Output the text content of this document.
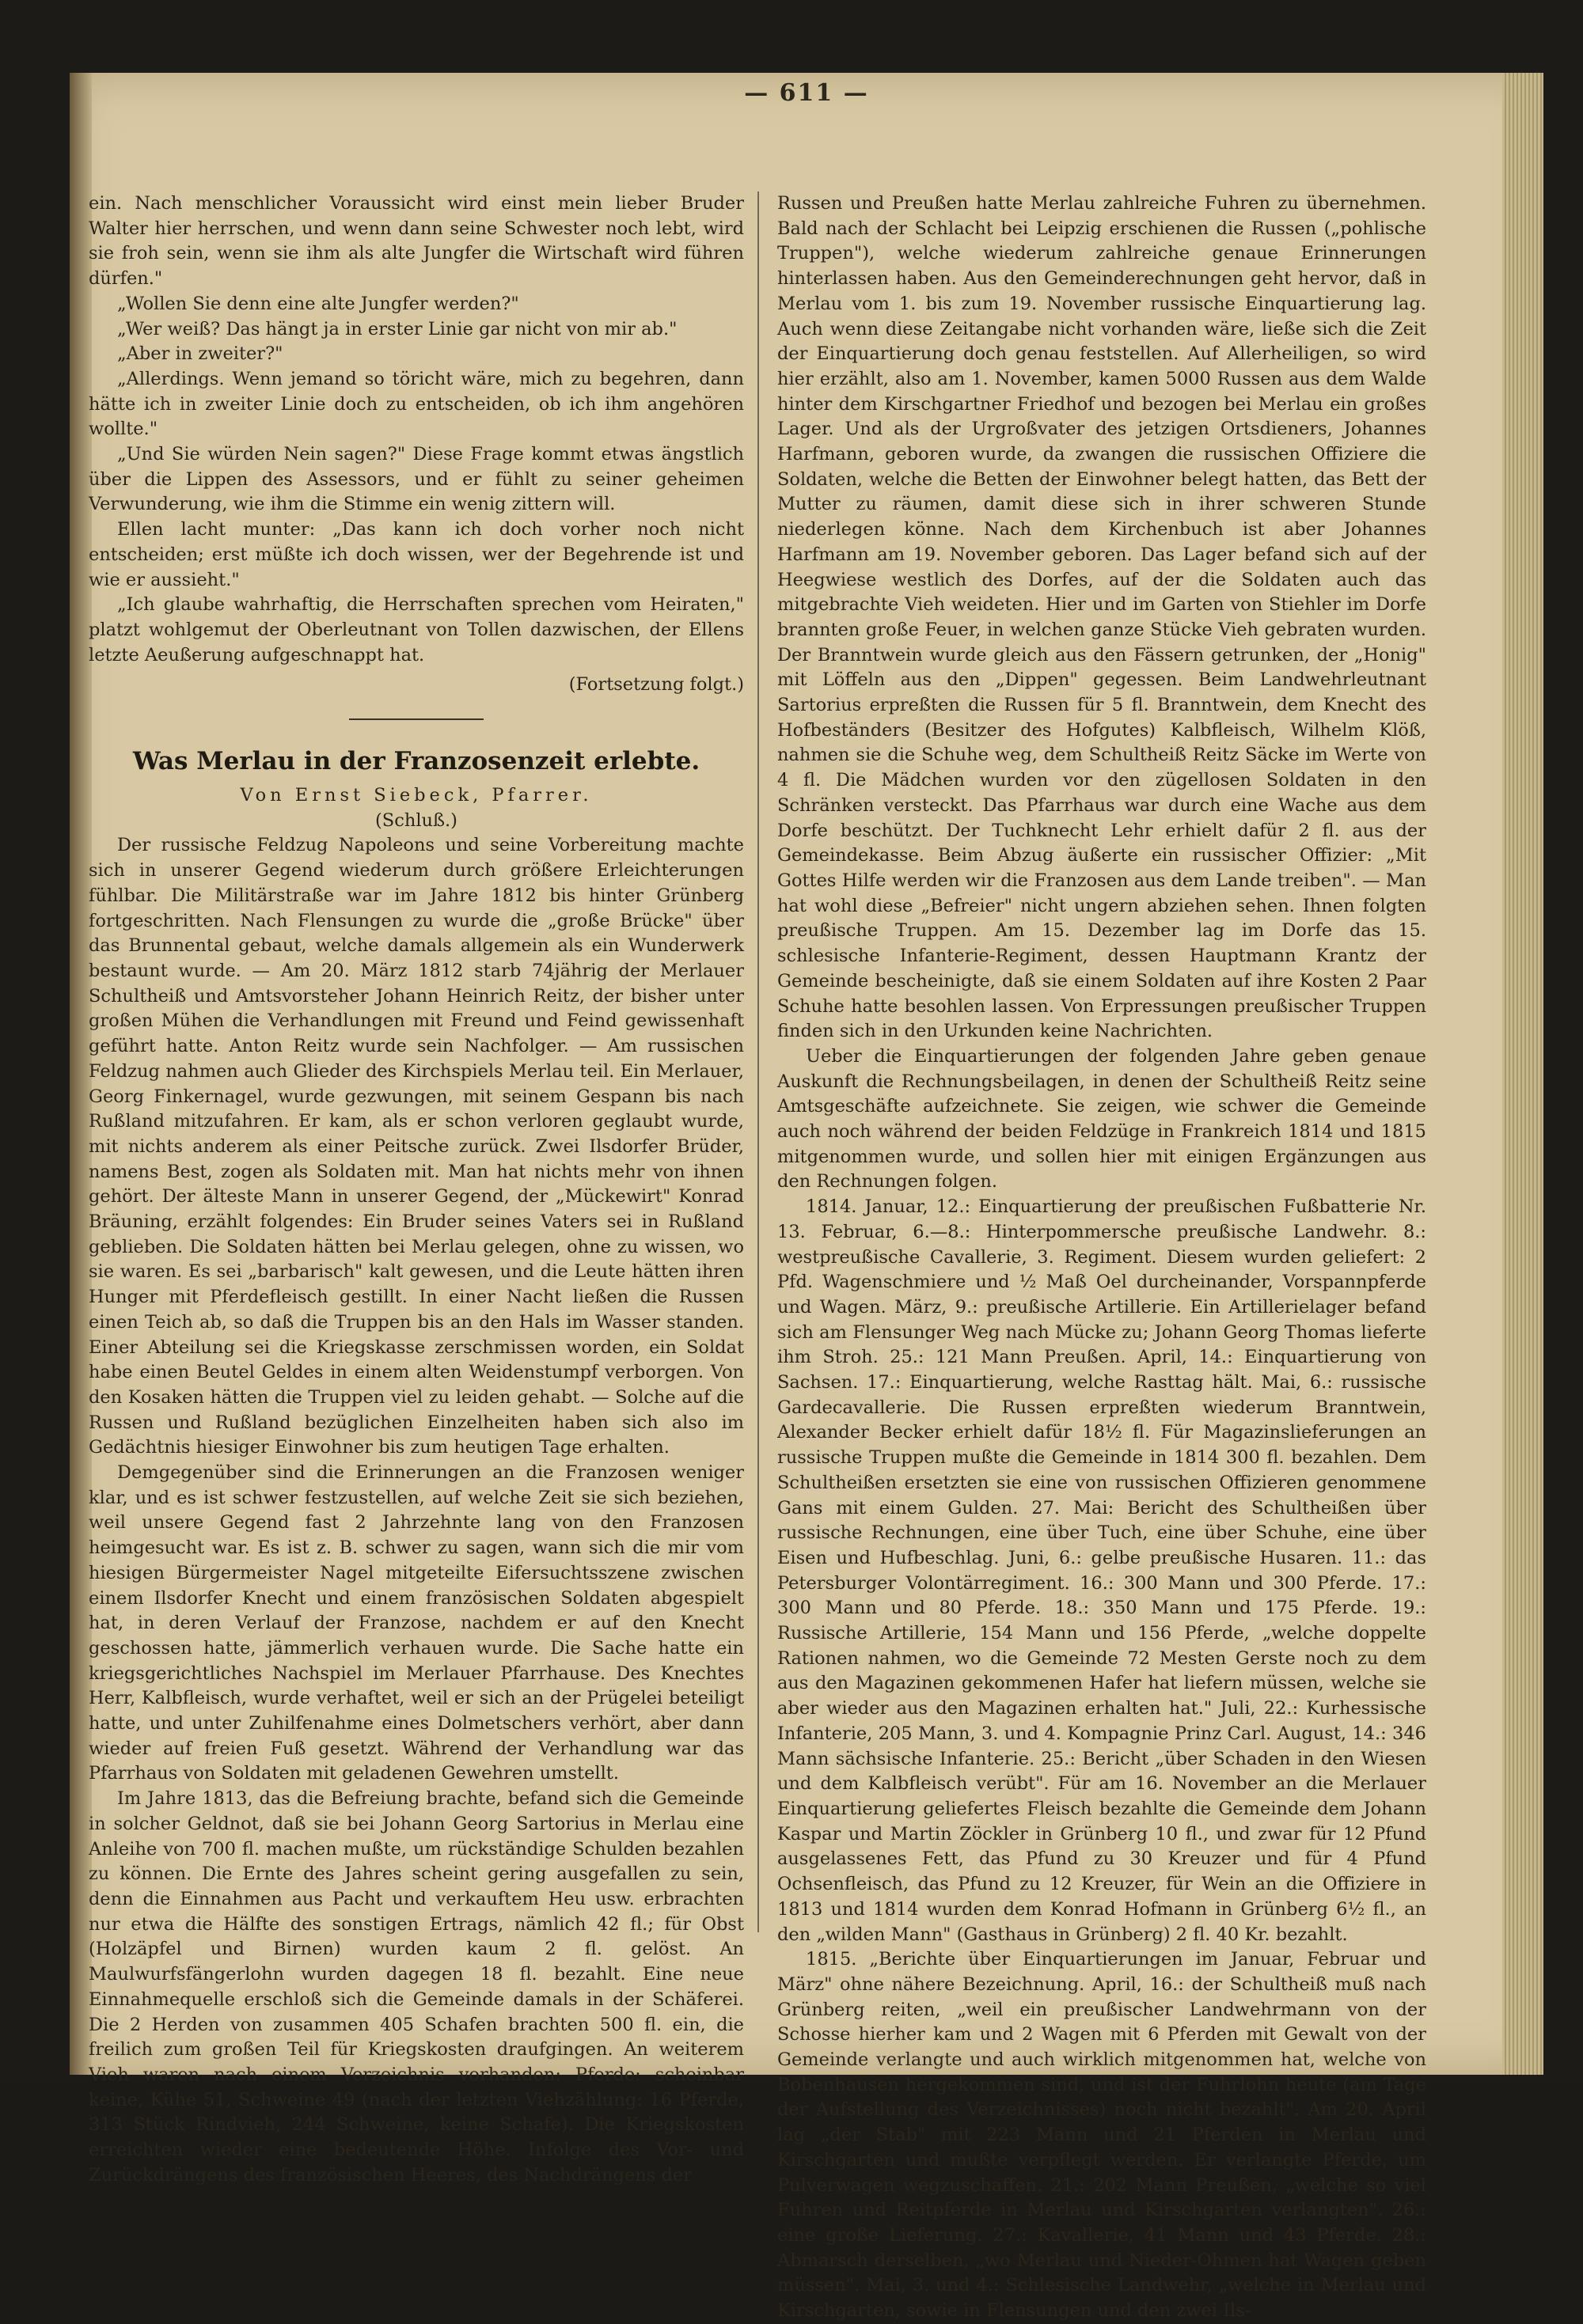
— 611 —

ein. Nach menschlicher Voraussicht wird einst mein lieber Bruder Walter hier herrschen, und wenn dann seine Schwester noch lebt, wird sie froh sein, wenn sie ihm als alte Jungfer die Wirtschaft wird führen dürfen."

„Wollen Sie denn eine alte Jungfer werden?"

„Wer weiß? Das hängt ja in erster Linie gar nicht von mir ab."

„Aber in zweiter?"

„Allerdings. Wenn jemand so töricht wäre, mich zu begehren, dann hätte ich in zweiter Linie doch zu entscheiden, ob ich ihm angehören wollte."

„Und Sie würden Nein sagen?" Diese Frage kommt etwas ängstlich über die Lippen des Assessors, und er fühlt zu seiner geheimen Verwunderung, wie ihm die Stimme ein wenig zittern will.

Ellen lacht munter: „Das kann ich doch vorher noch nicht entscheiden; erst müßte ich doch wissen, wer der Begehrende ist und wie er aussieht."

„Ich glaube wahrhaftig, die Herrschaften sprechen vom Heiraten," platzt wohlgemut der Oberleutnant von Tollen dazwischen, der Ellens letzte Aeußerung aufgeschnappt hat.

(Fortsetzung folgt.)
Was Merlau in der Franzosenzeit erlebte.

Von Ernst Siebeck, Pfarrer.

(Schluß.)

Der russische Feldzug Napoleons und seine Vorbereitung machte sich in unserer Gegend wiederum durch größere Erleichterungen fühlbar. Die Militärstraße war im Jahre 1812 bis hinter Grünberg fortgeschritten. Nach Flensungen zu wurde die „große Brücke" über das Brunnental gebaut, welche damals allgemein als ein Wunderwerk bestaunt wurde. — Am 20. März 1812 starb 74jährig der Merlauer Schultheiß und Amtsvorsteher Johann Heinrich Reitz, der bisher unter großen Mühen die Verhandlungen mit Freund und Feind gewissenhaft geführt hatte. Anton Reitz wurde sein Nachfolger. — Am russischen Feldzug nahmen auch Glieder des Kirchspiels Merlau teil. Ein Merlauer, Georg Finkernagel, wurde gezwungen, mit seinem Gespann bis nach Rußland mitzufahren. Er kam, als er schon verloren geglaubt wurde, mit nichts anderem als einer Peitsche zurück. Zwei Ilsdorfer Brüder, namens Best, zogen als Soldaten mit. Man hat nichts mehr von ihnen gehört. Der älteste Mann in unserer Gegend, der „Mückewirt" Konrad Bräuning, erzählt folgendes: Ein Bruder seines Vaters sei in Rußland geblieben. Die Soldaten hätten bei Merlau gelegen, ohne zu wissen, wo sie waren. Es sei „barbarisch" kalt gewesen, und die Leute hätten ihren Hunger mit Pferdefleisch gestillt. In einer Nacht ließen die Russen einen Teich ab, so daß die Truppen bis an den Hals im Wasser standen. Einer Abteilung sei die Kriegskasse zerschmissen worden, ein Soldat habe einen Beutel Geldes in einem alten Weidenstumpf verborgen. Von den Kosaken hätten die Truppen viel zu leiden gehabt. — Solche auf die Russen und Rußland bezüglichen Einzelheiten haben sich also im Gedächtnis hiesiger Einwohner bis zum heutigen Tage erhalten.

Demgegenüber sind die Erinnerungen an die Franzosen weniger klar, und es ist schwer festzustellen, auf welche Zeit sie sich beziehen, weil unsere Gegend fast 2 Jahrzehnte lang von den Franzosen heimgesucht war. Es ist z. B. schwer zu sagen, wann sich die mir vom hiesigen Bürgermeister Nagel mitgeteilte Eifersuchtsszene zwischen einem Ilsdorfer Knecht und einem französischen Soldaten abgespielt hat, in deren Verlauf der Franzose, nachdem er auf den Knecht geschossen hatte, jämmerlich verhauen wurde. Die Sache hatte ein kriegsgerichtliches Nachspiel im Merlauer Pfarrhause. Des Knechtes Herr, Kalbfleisch, wurde verhaftet, weil er sich an der Prügelei beteiligt hatte, und unter Zuhilfenahme eines Dolmetschers verhört, aber dann wieder auf freien Fuß gesetzt. Während der Verhandlung war das Pfarrhaus von Soldaten mit geladenen Gewehren umstellt.

Im Jahre 1813, das die Befreiung brachte, befand sich die Gemeinde in solcher Geldnot, daß sie bei Johann Georg Sartorius in Merlau eine Anleihe von 700 fl. machen mußte, um rückständige Schulden bezahlen zu können. Die Ernte des Jahres scheint gering ausgefallen zu sein, denn die Einnahmen aus Pacht und verkauftem Heu usw. erbrachten nur etwa die Hälfte des sonstigen Ertrags, nämlich 42 fl.; für Obst (Holzäpfel und Birnen) wurden kaum 2 fl. gelöst. An Maulwurfsfängerlohn wurden dagegen 18 fl. bezahlt. Eine neue Einnahmequelle erschloß sich die Gemeinde damals in der Schäferei. Die 2 Herden von zusammen 405 Schafen brachten 500 fl. ein, die freilich zum großen Teil für Kriegskosten draufgingen. An weiterem Vieh waren nach einem Verzeichnis vorhanden: Pferde: scheinbar keine, Kühe 51, Schweine 49 (nach der letzten Viehzählung: 16 Pferde, 313 Stück Rindvieh, 244 Schweine, keine Schafe). Die Kriegskosten erreichten wieder eine bedeutende Höhe. Infolge des Vor- und Zurückdrängens des französischen Heeres, des Nachdrängens der

Russen und Preußen hatte Merlau zahlreiche Fuhren zu übernehmen. Bald nach der Schlacht bei Leipzig erschienen die Russen („pohlische Truppen"), welche wiederum zahlreiche genaue Erinnerungen hinterlassen haben. Aus den Gemeinderechnungen geht hervor, daß in Merlau vom 1. bis zum 19. November russische Einquartierung lag. Auch wenn diese Zeitangabe nicht vorhanden wäre, ließe sich die Zeit der Einquartierung doch genau feststellen. Auf Allerheiligen, so wird hier erzählt, also am 1. November, kamen 5000 Russen aus dem Walde hinter dem Kirschgartner Friedhof und bezogen bei Merlau ein großes Lager. Und als der Urgroßvater des jetzigen Ortsdieners, Johannes Harfmann, geboren wurde, da zwangen die russischen Offiziere die Soldaten, welche die Betten der Einwohner belegt hatten, das Bett der Mutter zu räumen, damit diese sich in ihrer schweren Stunde niederlegen könne. Nach dem Kirchenbuch ist aber Johannes Harfmann am 19. November geboren. Das Lager befand sich auf der Heegwiese westlich des Dorfes, auf der die Soldaten auch das mitgebrachte Vieh weideten. Hier und im Garten von Stiehler im Dorfe brannten große Feuer, in welchen ganze Stücke Vieh gebraten wurden. Der Branntwein wurde gleich aus den Fässern getrunken, der „Honig" mit Löffeln aus den „Dippen" gegessen. Beim Landwehrleutnant Sartorius erpreßten die Russen für 5 fl. Branntwein, dem Knecht des Hofbeständers (Besitzer des Hofgutes) Kalbfleisch, Wilhelm Klöß, nahmen sie die Schuhe weg, dem Schultheiß Reitz Säcke im Werte von 4 fl. Die Mädchen wurden vor den zügellosen Soldaten in den Schränken versteckt. Das Pfarrhaus war durch eine Wache aus dem Dorfe beschützt. Der Tuchknecht Lehr erhielt dafür 2 fl. aus der Gemeindekasse. Beim Abzug äußerte ein russischer Offizier: „Mit Gottes Hilfe werden wir die Franzosen aus dem Lande treiben". — Man hat wohl diese „Befreier" nicht ungern abziehen sehen. Ihnen folgten preußische Truppen. Am 15. Dezember lag im Dorfe das 15. schlesische Infanterie-Regiment, dessen Hauptmann Krantz der Gemeinde bescheinigte, daß sie einem Soldaten auf ihre Kosten 2 Paar Schuhe hatte besohlen lassen. Von Erpressungen preußischer Truppen finden sich in den Urkunden keine Nachrichten.

Ueber die Einquartierungen der folgenden Jahre geben genaue Auskunft die Rechnungsbeilagen, in denen der Schultheiß Reitz seine Amtsgeschäfte aufzeichnete. Sie zeigen, wie schwer die Gemeinde auch noch während der beiden Feldzüge in Frankreich 1814 und 1815 mitgenommen wurde, und sollen hier mit einigen Ergänzungen aus den Rechnungen folgen.

1814. Januar, 12.: Einquartierung der preußischen Fußbatterie Nr. 13. Februar, 6.—8.: Hinterpommersche preußische Landwehr. 8.: westpreußische Cavallerie, 3. Regiment. Diesem wurden geliefert: 2 Pfd. Wagenschmiere und ½ Maß Oel durcheinander, Vorspannpferde und Wagen. März, 9.: preußische Artillerie. Ein Artillerielager befand sich am Flensunger Weg nach Mücke zu; Johann Georg Thomas lieferte ihm Stroh. 25.: 121 Mann Preußen. April, 14.: Einquartierung von Sachsen. 17.: Einquartierung, welche Rasttag hält. Mai, 6.: russische Gardecavallerie. Die Russen erpreßten wiederum Branntwein, Alexander Becker erhielt dafür 18½ fl. Für Magazinslieferungen an russische Truppen mußte die Gemeinde in 1814 300 fl. bezahlen. Dem Schultheißen ersetzten sie eine von russischen Offizieren genommene Gans mit einem Gulden. 27. Mai: Bericht des Schultheißen über russische Rechnungen, eine über Tuch, eine über Schuhe, eine über Eisen und Hufbeschlag. Juni, 6.: gelbe preußische Husaren. 11.: das Petersburger Volontärregiment. 16.: 300 Mann und 300 Pferde. 17.: 300 Mann und 80 Pferde. 18.: 350 Mann und 175 Pferde. 19.: Russische Artillerie, 154 Mann und 156 Pferde, „welche doppelte Rationen nahmen, wo die Gemeinde 72 Mesten Gerste noch zu dem aus den Magazinen gekommenen Hafer hat liefern müssen, welche sie aber wieder aus den Magazinen erhalten hat." Juli, 22.: Kurhessische Infanterie, 205 Mann, 3. und 4. Kompagnie Prinz Carl. August, 14.: 346 Mann sächsische Infanterie. 25.: Bericht „über Schaden in den Wiesen und dem Kalbfleisch verübt". Für am 16. November an die Merlauer Einquartierung geliefertes Fleisch bezahlte die Gemeinde dem Johann Kaspar und Martin Zöckler in Grünberg 10 fl., und zwar für 12 Pfund ausgelassenes Fett, das Pfund zu 30 Kreuzer und für 4 Pfund Ochsenfleisch, das Pfund zu 12 Kreuzer, für Wein an die Offiziere in 1813 und 1814 wurden dem Konrad Hofmann in Grünberg 6½ fl., an den „wilden Mann" (Gasthaus in Grünberg) 2 fl. 40 Kr. bezahlt.

1815. „Berichte über Einquartierungen im Januar, Februar und März" ohne nähere Bezeichnung. April, 16.: der Schultheiß muß nach Grünberg reiten, „weil ein preußischer Landwehrmann von der Schosse hierher kam und 2 Wagen mit 6 Pferden mit Gewalt von der Gemeinde verlangte und auch wirklich mitgenommen hat, welche von Bobenhausen hergekommen sind, und ist der Fuhrlohn heute (am Tage der Aufstellung des Verzeichnisses) noch nicht bezahlt". Am 20. April lag „der Stab" mit 223 Mann und 21 Pferden in Merlau und Kirschgarten und mußte verpflegt werden. Er verlangte Pferde, um Pulverwagen wegzuschaffen. 21.: 202 Mann Preußen, „welche so viel Fuhren und Reitpferde in Merlau und Kirschgarten verlangten". 26.: eine große Lieferung. 27.: Kavallerie, 41 Mann und 43 Pferde. 28.: Abmarsch derselben, „wo Merlau und Nieder-Ohmen hat Wagen geben müssen". Mai, 3. und 4.: Schlesische Landwehr, „welche in Merlau und Kirschgarten, sowie in Flensungen und den zwei Ils-
